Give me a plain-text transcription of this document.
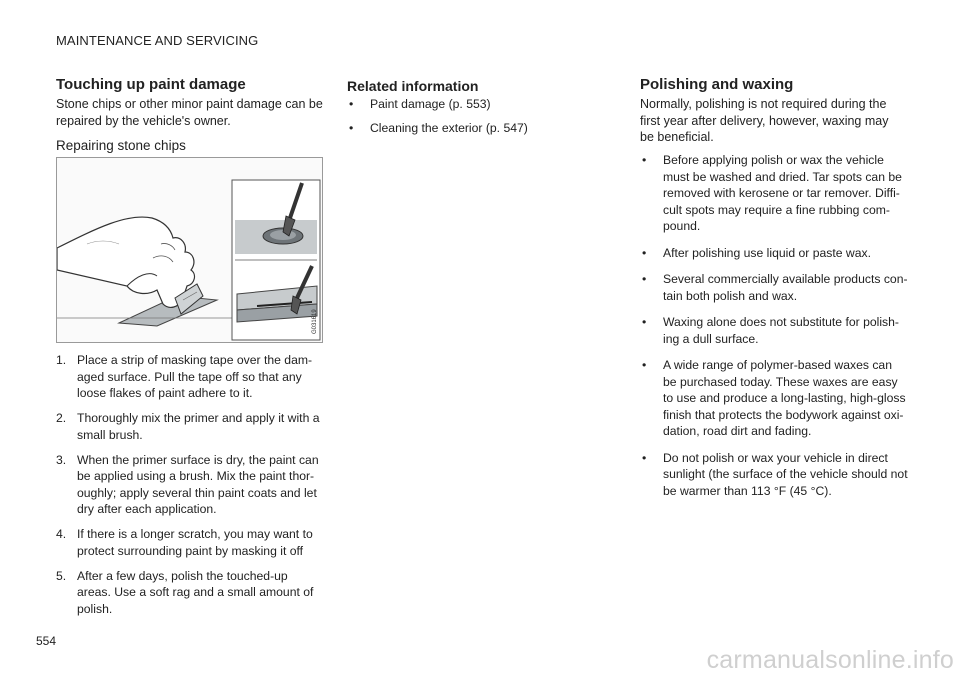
MAINTENANCE AND SERVICING
Touching up paint damage

Stone chips or other minor paint damage can be repaired by the vehicle's owner.

Repairing stone chips
G031619
1. Place a strip of masking tape over the dam-aged surface. Pull the tape off so that any loose flakes of paint adhere to it.
2. Thoroughly mix the primer and apply it with a small brush.
3. When the primer surface is dry, the paint can be applied using a brush. Mix the paint thor-oughly; apply several thin paint coats and let dry after each application.
4. If there is a longer scratch, you may want to protect surrounding paint by masking it off
5. After a few days, polish the touched-up areas. Use a soft rag and a small amount of polish.
Related information
• Paint damage (p. 553)
• Cleaning the exterior (p. 547)
Polishing and waxing

Normally, polishing is not required during the first year after delivery, however, waxing may be beneficial.

• Before applying polish or wax the vehicle must be washed and dried. Tar spots can be removed with kerosene or tar remover. Diffi-cult spots may require a fine rubbing com-pound.
• After polishing use liquid or paste wax.
• Several commercially available products con-tain both polish and wax.
• Waxing alone does not substitute for polish-ing a dull surface.
• A wide range of polymer-based waxes can be purchased today. These waxes are easy to use and produce a long-lasting, high-gloss finish that protects the bodywork against oxi-dation, road dirt and fading.
• Do not polish or wax your vehicle in direct sunlight (the surface of the vehicle should not be warmer than 113 °F (45 °C).
554
carmanualsonline.info
